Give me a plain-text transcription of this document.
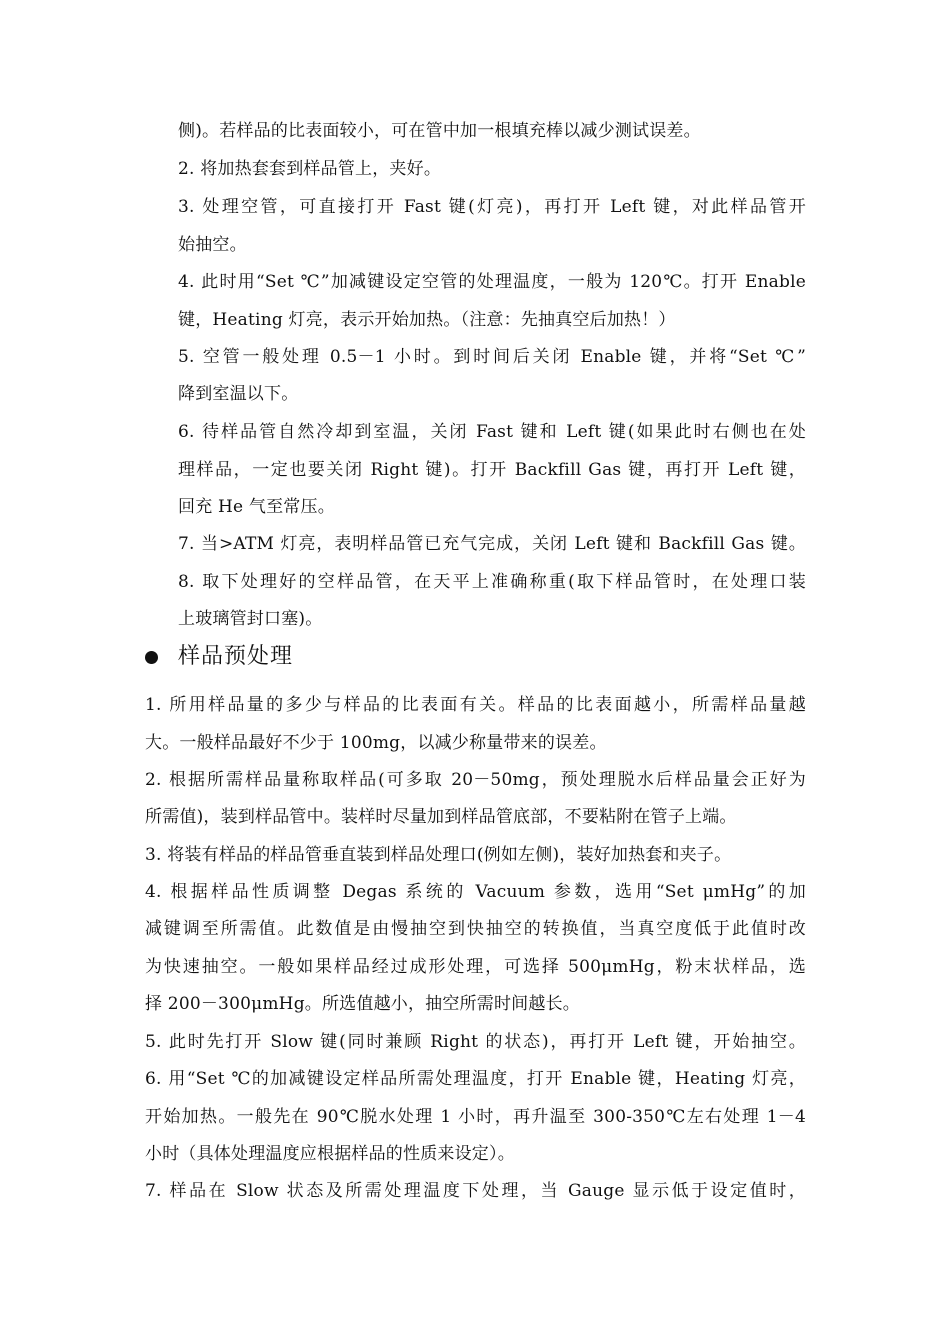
侧)。若样品的比表面较小，可在管中加一根填充棒以减少测试误差。
2. 将加热套套到样品管上，夹好。
3. 处理空管，可直接打开 Fast 键(灯亮)，再打开 Left 键，对此样品管开
始抽空。
4. 此时用“Set ℃”加减键设定空管的处理温度，一般为 120℃。打开 Enable
键，Heating 灯亮，表示开始加热。（注意：先抽真空后加热！）
5. 空管一般处理 0.5－1 小时。到时间后关闭 Enable 键，并将“Set ℃”
降到室温以下。
6. 待样品管自然冷却到室温，关闭 Fast 键和 Left 键(如果此时右侧也在处
理样品，一定也要关闭 Right 键)。打开 Backfill Gas 键，再打开 Left 键，
回充 He 气至常压。
7. 当>ATM 灯亮，表明样品管已充气完成，关闭 Left 键和 Backfill Gas 键。
8. 取下处理好的空样品管，在天平上准确称重(取下样品管时，在处理口装
上玻璃管封口塞)。
样品预处理
1. 所用样品量的多少与样品的比表面有关。样品的比表面越小，所需样品量越
大。一般样品最好不少于 100mg，以减少称量带来的误差。
2. 根据所需样品量称取样品(可多取 20－50mg，预处理脱水后样品量会正好为
所需值)，装到样品管中。装样时尽量加到样品管底部，不要粘附在管子上端。
3. 将装有样品的样品管垂直装到样品处理口(例如左侧)，装好加热套和夹子。
4. 根据样品性质调整 Degas 系统的 Vacuum 参数，选用“Set μmHg”的加
减键调至所需值。此数值是由慢抽空到快抽空的转换值，当真空度低于此值时改
为快速抽空。一般如果样品经过成形处理，可选择 500μmHg，粉末状样品，选
择 200－300μmHg。所选值越小，抽空所需时间越长。
5. 此时先打开 Slow 键(同时兼顾 Right 的状态)，再打开 Left 键，开始抽空。
6. 用“Set ℃的加减键设定样品所需处理温度，打开 Enable 键，Heating 灯亮，
开始加热。一般先在 90℃脱水处理 1 小时，再升温至 300-350℃左右处理 1－4
小时（具体处理温度应根据样品的性质来设定）。
7. 样品在 Slow 状态及所需处理温度下处理，当 Gauge 显示低于设定值时，
